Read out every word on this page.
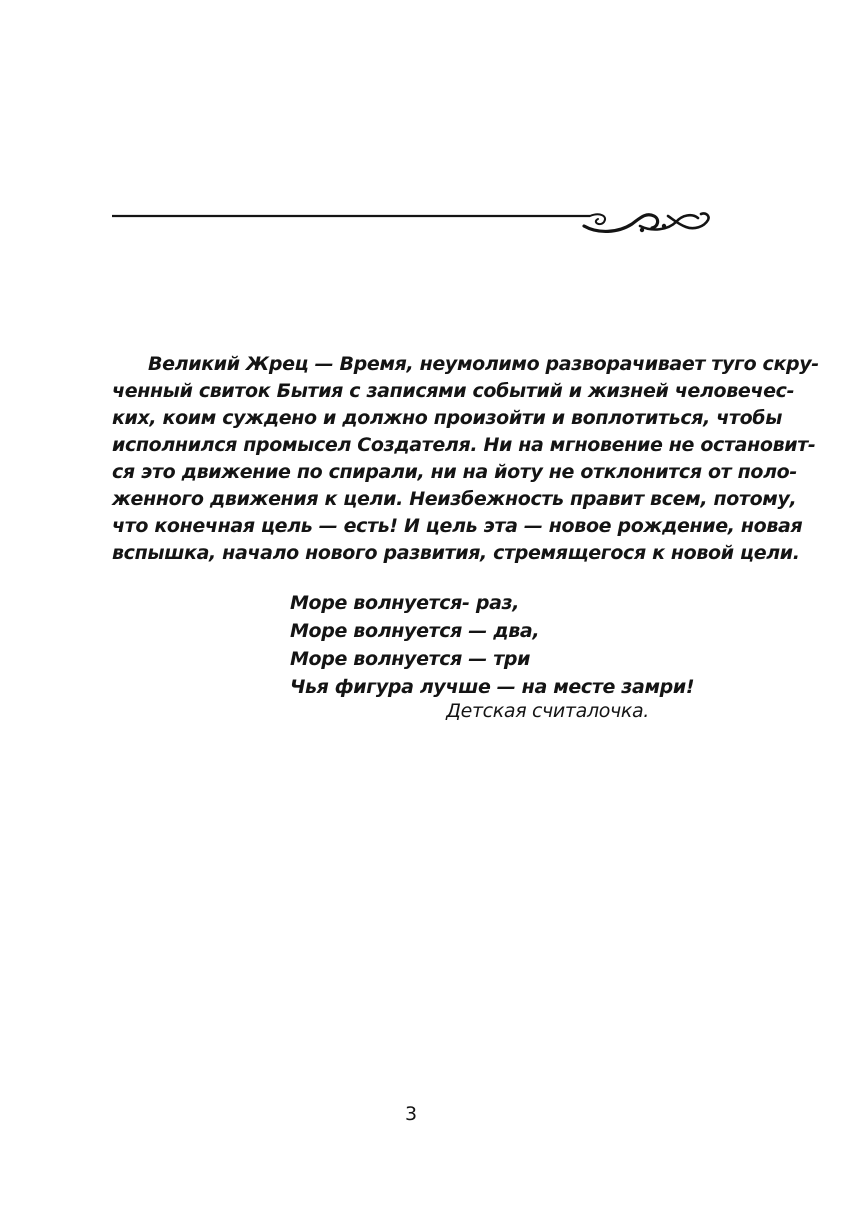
Великий Жрец — Время, неумолимо разворачивает туго скру-
ченный свиток Бытия с записями событий и жизней человечес-
ких, коим суждено и должно произойти и воплотиться, чтобы
исполнился промысел Создателя. Ни на мгновение не остановит-
ся это движение по спирали, ни на йоту не отклонится от поло-
женного движения к цели. Неизбежность правит всем, потому,
что конечная цель — есть! И цель эта — новое рождение, новая
вспышка, начало нового развития, стремящегося к новой цели.
Море волнуется- раз,
Море волнуется — два,
Море волнуется — три
Чья фигура лучше — на месте замри!
Детская считалочка.
3
